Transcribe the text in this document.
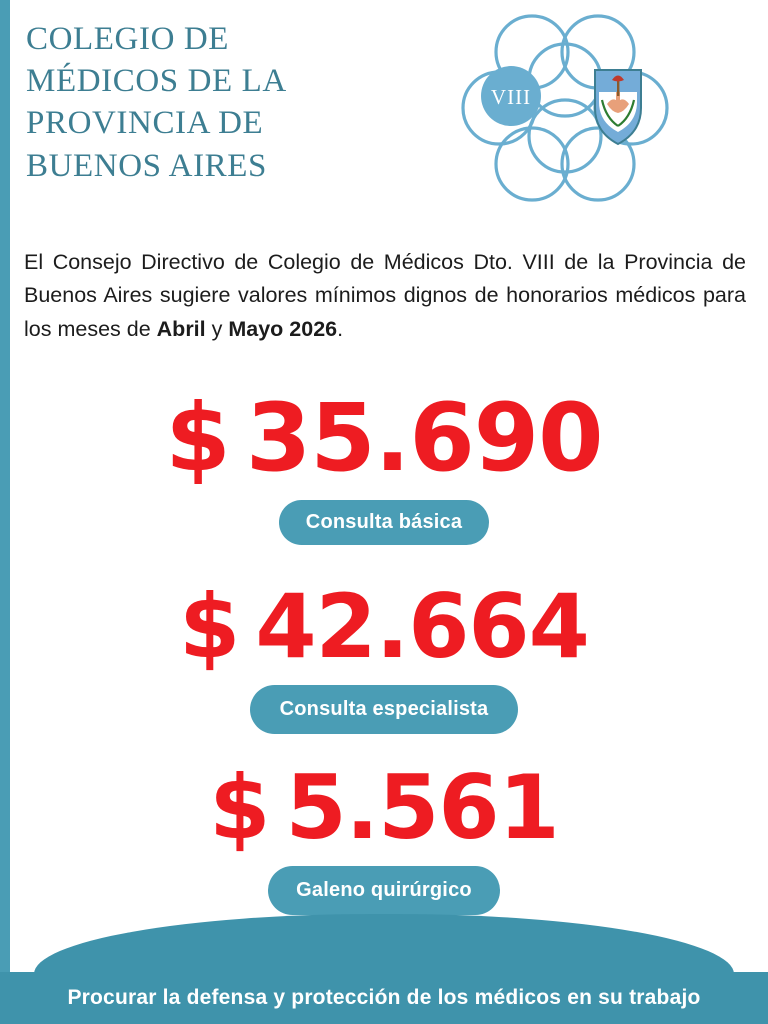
COLEGIO DE
MÉDICOS DE LA
PROVINCIA DE
BUENOS AIRES
VIII

El Consejo Directivo de Colegio de Médicos Dto. VIII de la Provincia de Buenos Aires sugiere valores mínimos dignos de honorarios médicos para los meses de Abril y Mayo 2026.

$ 35.690
Consulta básica
$ 42.664
Consulta especialista
$ 5.561
Galeno quirúrgico
Procurar la defensa y protección de los médicos en su trabajo
